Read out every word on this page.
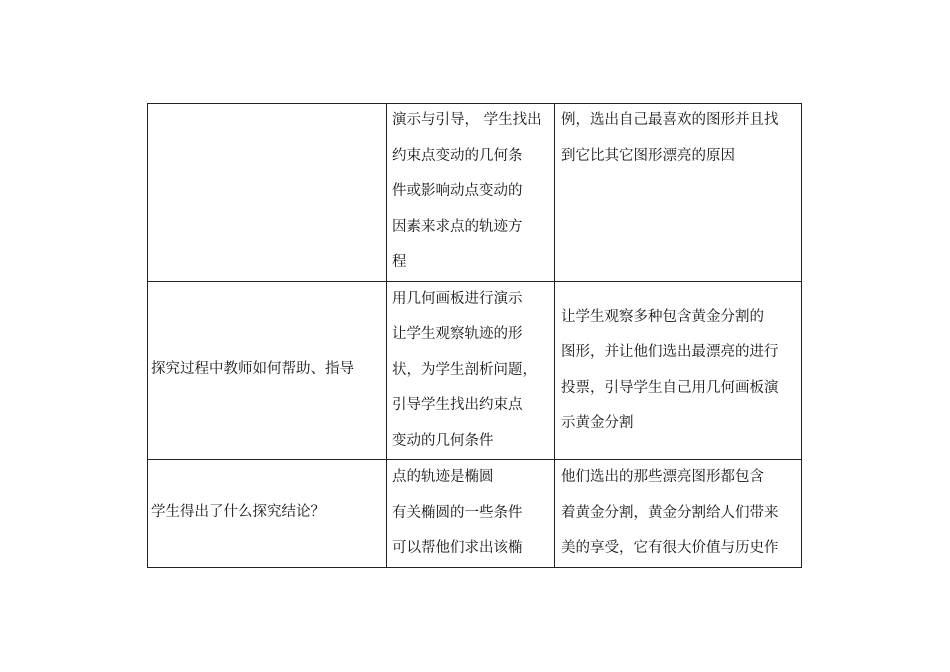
	演示与引导， 学生找出
约束点变动的几何条
件或影响动点变动的
因素来求点的轨迹方
程	例，选出自己最喜欢的图形并且找
到它比其它图形漂亮的原因

探究过程中教师如何帮助、指导	用几何画板进行演示
让学生观察轨迹的形
状，为学生剖析问题，
引导学生找出约束点
变动的几何条件	让学生观察多种包含黄金分割的
图形，并让他们选出最漂亮的进行
投票，引导学生自己用几何画板演
示黄金分割

学生得出了什么探究结论？	点的轨迹是椭圆
有关椭圆的一些条件
可以帮他们求出该椭	他们选出的那些漂亮图形都包含
着黄金分割，黄金分割给人们带来
美的享受，它有很大价值与历史作
